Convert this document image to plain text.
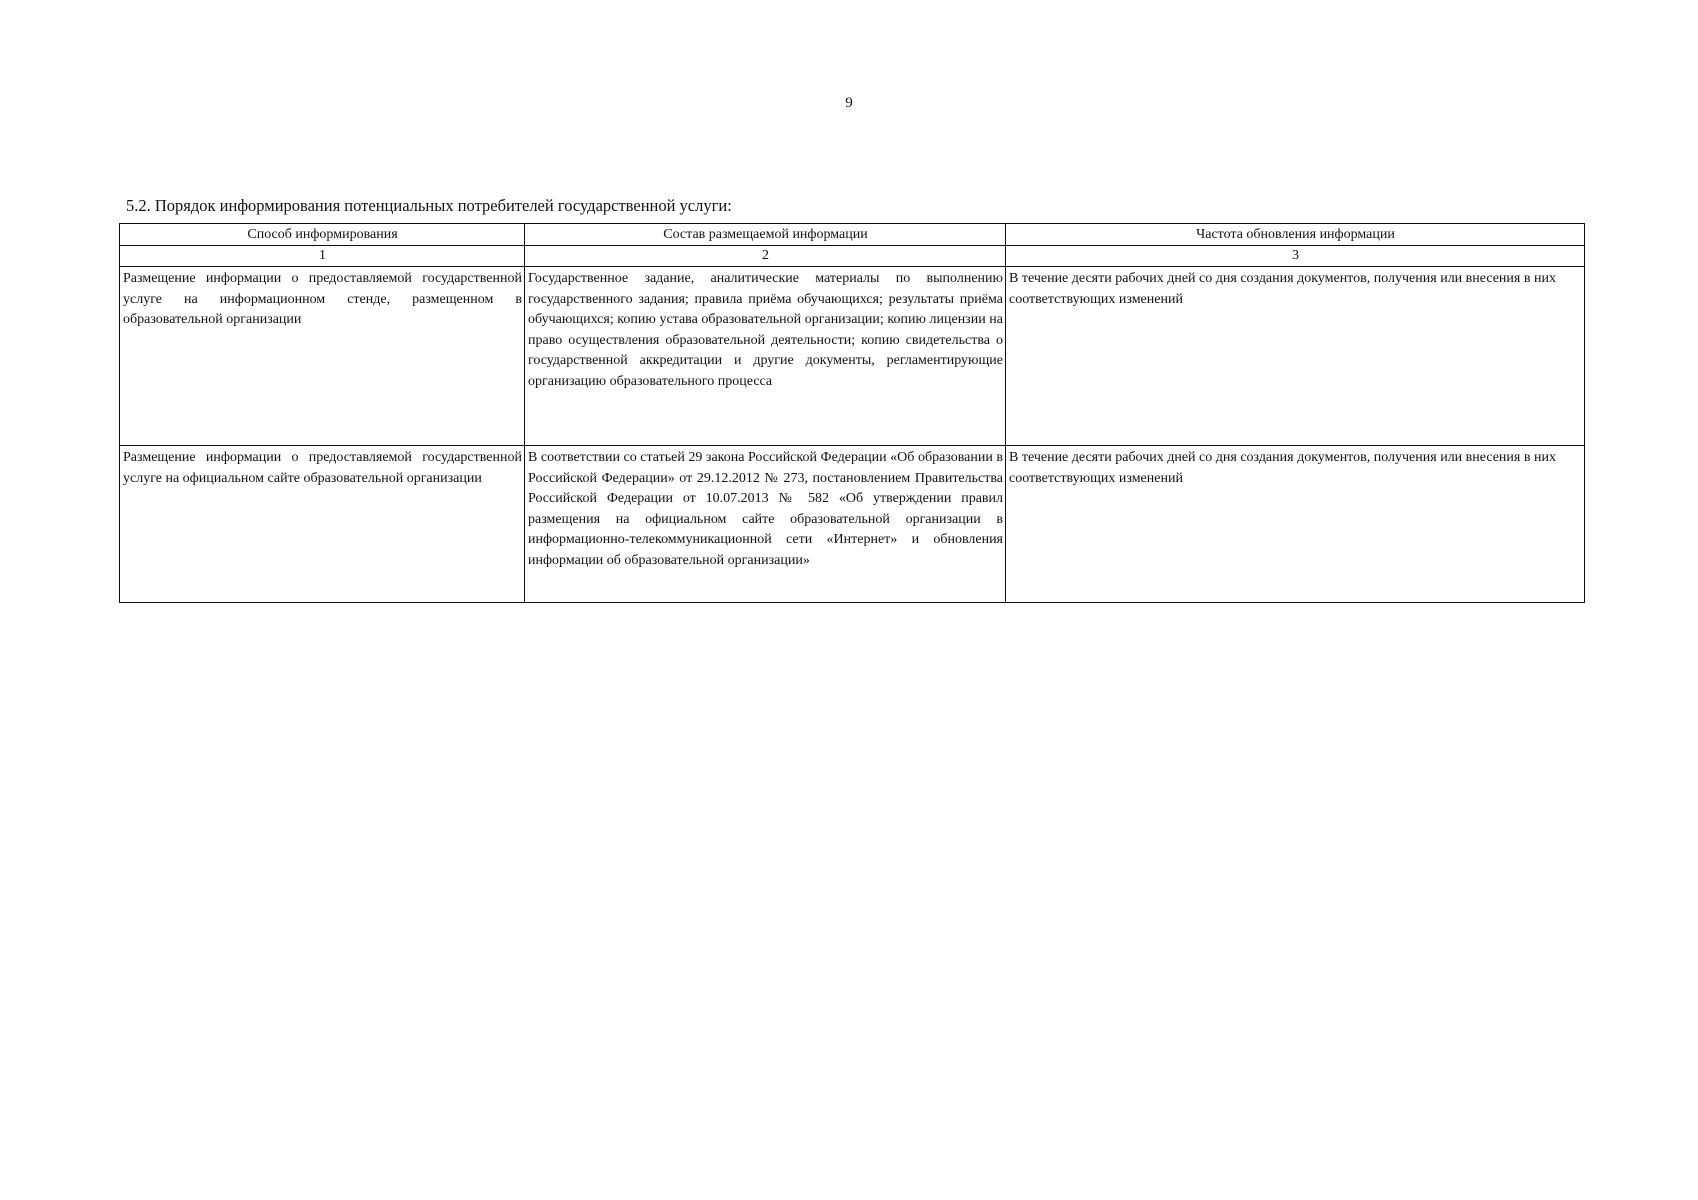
9
5.2. Порядок информирования потенциальных потребителей государственной услуги:
Способ информирования	Состав размещаемой информации	Частота обновления информации
1	2	3
Размещение информации о предоставляемой государственной услуге на информационном стенде, размещенном в образовательной организации	Государственное задание, аналитические материалы по выполнению государственного задания; правила приёма обучающихся; результаты приёма обучающихся; копию устава образовательной организации; копию лицензии на право осуществления образовательной деятельности; копию свидетельства о государственной аккредитации и другие документы, регламентирующие организацию образовательного процесса	В течение десяти рабочих дней со дня создания документов, получения или внесения в них соответствующих изменений
Размещение информации о предоставляемой государственной услуге на официальном сайте образовательной организации	В соответствии со статьей 29 закона Российской Федерации «Об образовании в Российской Федерации» от 29.12.2012 № 273, постановлением Правительства Российской Федерации от 10.07.2013 № 582 «Об утверждении правил размещения на официальном сайте образовательной организации в информационно-телекоммуникационной сети «Интернет» и обновления информации об образовательной организации»	В течение десяти рабочих дней со дня создания документов, получения или внесения в них соответствующих изменений
